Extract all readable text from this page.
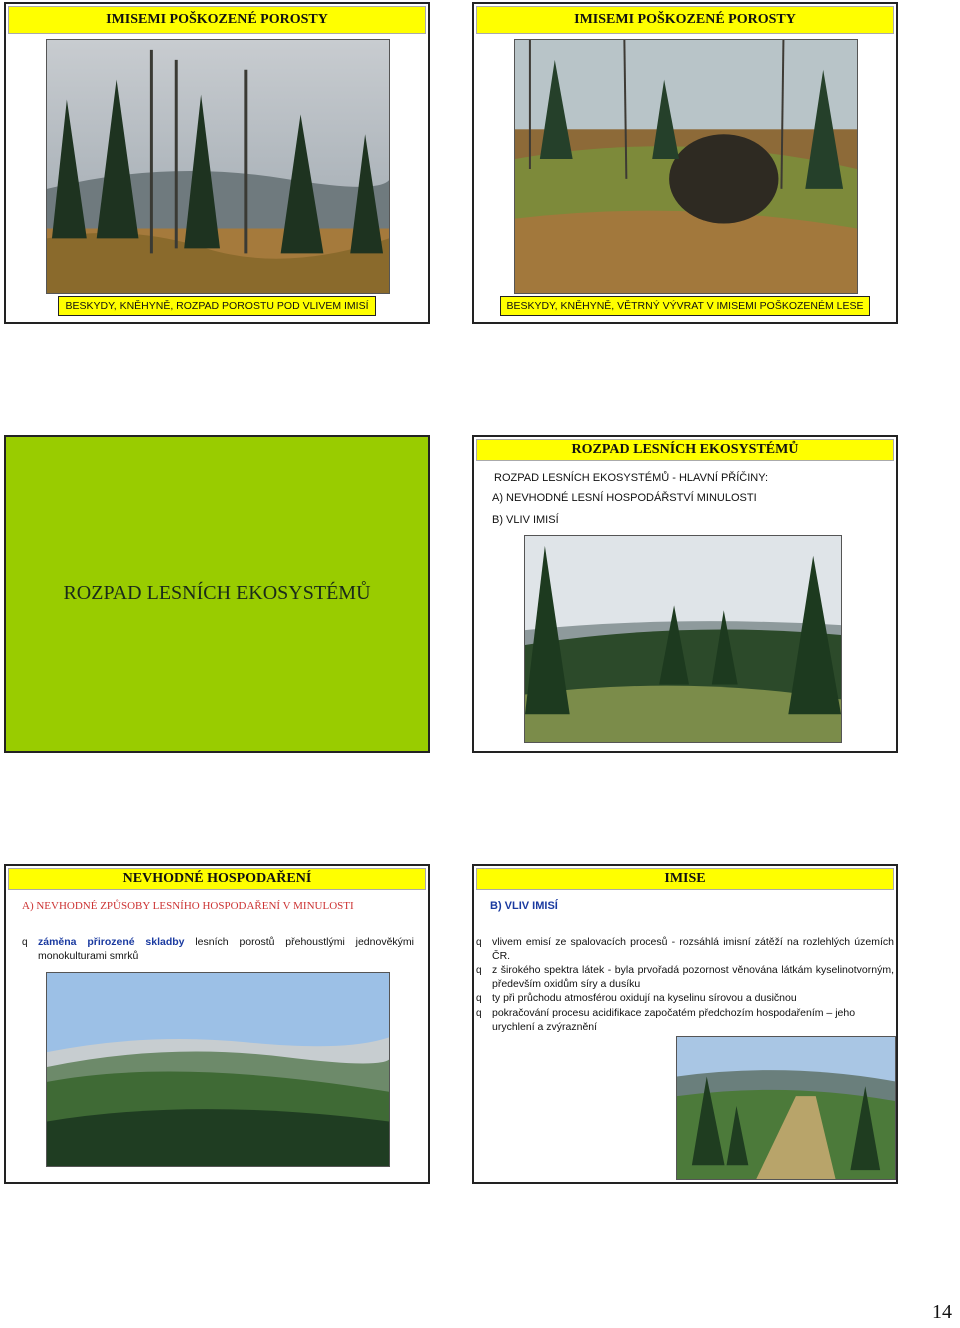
IMISEMI POŠKOZENÉ POROSTY
BESKYDY, KNĚHYNĚ, ROZPAD POROSTU POD VLIVEM IMISÍ
IMISEMI POŠKOZENÉ POROSTY
BESKYDY, KNĚHYNĚ, VĚTRNÝ VÝVRAT V IMISEMI POŠKOZENÉM LESE
ROZPAD LESNÍCH EKOSYSTÉMŮ
ROZPAD LESNÍCH EKOSYSTÉMŮ
ROZPAD LESNÍCH EKOSYSTÉMŮ - HLAVNÍ PŘÍČINY:
A) NEVHODNÉ LESNÍ HOSPODÁŘSTVÍ MINULOSTI
B) VLIV IMISÍ
NEVHODNÉ HOSPODAŘENÍ
A) NEVHODNÉ ZPŮSOBY LESNÍHO HOSPODAŘENÍ V MINULOSTI
q záměna přirozené skladby lesních porostů přehoustlými jednověkými monokulturami smrků
IMISE
B) VLIV IMISÍ
q vlivem emisí ze spalovacích procesů - rozsáhlá imisní zátěží na rozlehlých územích ČR.
q z širokého spektra látek - byla prvořadá pozornost věnována látkám kyselinotvorným, především oxidům síry a dusíku
q ty při průchodu atmosférou oxidují na kyselinu sírovou a dusičnou
q pokračování procesu acidifikace započatém předchozím hospodařením – jeho urychlení a zvýraznění
14
